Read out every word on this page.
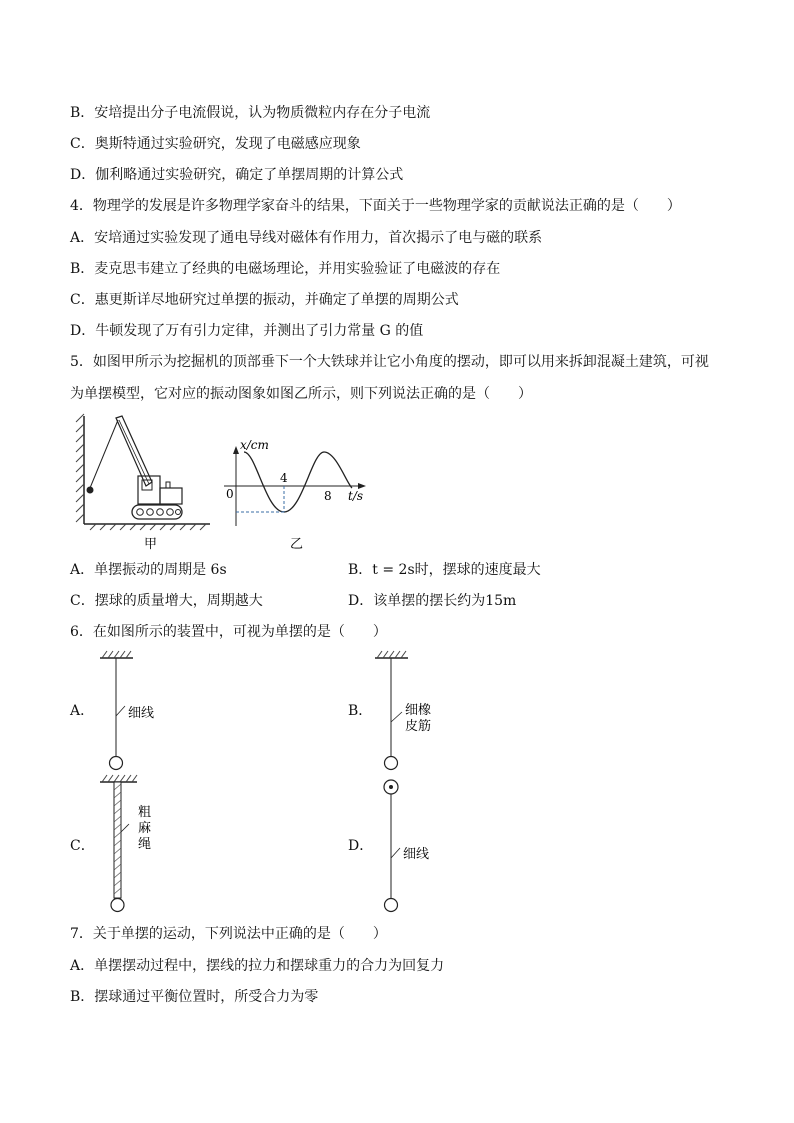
B．安培提出分子电流假说，认为物质微粒内存在分子电流
C．奥斯特通过实验研究，发现了电磁感应现象
D．伽利略通过实验研究，确定了单摆周期的计算公式
4．物理学的发展是许多物理学家奋斗的结果，下面关于一些物理学家的贡献说法正确的是（　　）
A．安培通过实验发现了通电导线对磁体有作用力，首次揭示了电与磁的联系
B．麦克思韦建立了经典的电磁场理论，并用实验验证了电磁波的存在
C．惠更斯详尽地研究过单摆的振动，并确定了单摆的周期公式
D．牛顿发现了万有引力定律，并测出了引力常量 G 的值
5．如图甲所示为挖掘机的顶部垂下一个大铁球并让它小角度的摆动，即可以用来拆卸混凝土建筑，可视
为单摆模型，它对应的振动图象如图乙所示，则下列说法正确的是（　　）
甲
x/cm
t/s
0
4
8
乙
A．单摆振动的周期是 6s	B．t = 2s时，摆球的速度最大
C．摆球的质量增大，周期越大	D．该单摆的摆长约为15m
6．在如图所示的装置中，可视为单摆的是（　　）
A．	细线	B．	细橡
皮筋
C．
粗
麻
绳	D．
细线
7．关于单摆的运动，下列说法中正确的是（　　）
A．单摆摆动过程中，摆线的拉力和摆球重力的合力为回复力
B．摆球通过平衡位置时，所受合力为零
